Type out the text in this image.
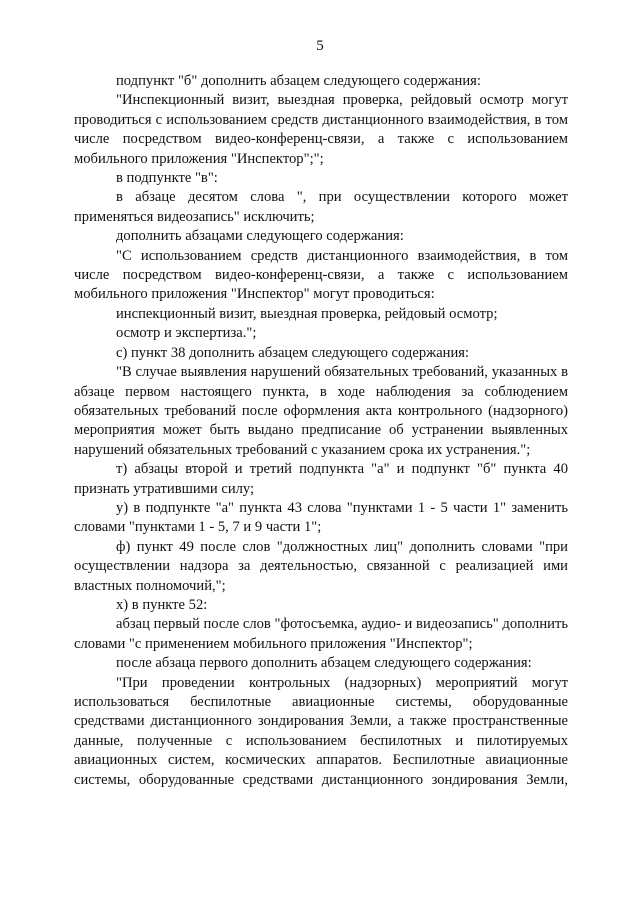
5

подпункт "б" дополнить абзацем следующего содержания:

"Инспекционный визит, выездная проверка, рейдовый осмотр могут проводиться с использованием средств дистанционного взаимодействия, в том числе посредством видео-конференц-связи, а также с использованием мобильного приложения "Инспектор";";

в подпункте "в":

в абзаце десятом слова ", при осуществлении которого может применяться видеозапись" исключить;

дополнить абзацами следующего содержания:

"С использованием средств дистанционного взаимодействия, в том числе посредством видео-конференц-связи, а также с использованием мобильного приложения "Инспектор" могут проводиться:

инспекционный визит, выездная проверка, рейдовый осмотр;

осмотр и экспертиза.";

с) пункт 38 дополнить абзацем следующего содержания:

"В случае выявления нарушений обязательных требований, указанных в абзаце первом настоящего пункта, в ходе наблюдения за соблюдением обязательных требований после оформления акта контрольного (надзорного) мероприятия может быть выдано предписание об устранении выявленных нарушений обязательных требований с указанием срока их устранения.";

т) абзацы второй и третий подпункта "а" и подпункт "б" пункта 40 признать утратившими силу;

у) в подпункте "а" пункта 43 слова "пунктами 1 - 5 части 1" заменить словами "пунктами 1 - 5, 7 и 9 части 1";

ф) пункт 49 после слов "должностных лиц" дополнить словами "при осуществлении надзора за деятельностью, связанной с реализацией ими властных полномочий,";

х) в пункте 52:

абзац первый после слов "фотосъемка, аудио- и видеозапись" дополнить словами "с применением мобильного приложения "Инспектор";

после абзаца первого дополнить абзацем следующего содержания:

"При проведении контрольных (надзорных) мероприятий могут использоваться беспилотные авиационные системы, оборудованные средствами дистанционного зондирования Земли, а также пространственные данные, полученные с использованием беспилотных и пилотируемых авиационных систем, космических аппаратов. Беспилотные авиационные системы, оборудованные средствами дистанционного зондирования Земли,
